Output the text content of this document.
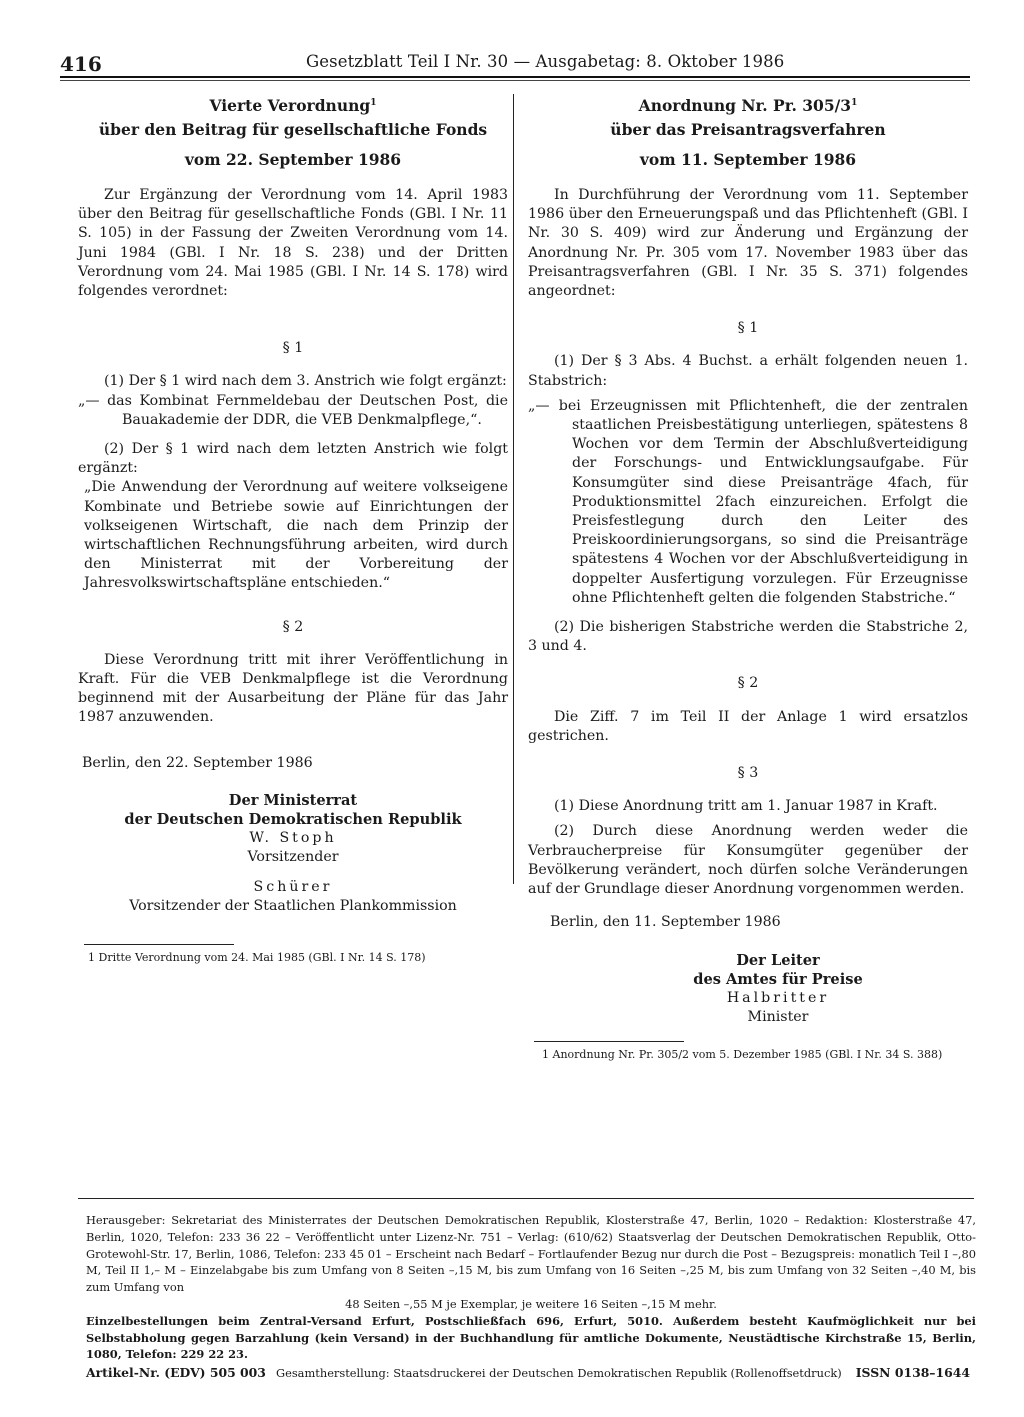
416	Gesetzblatt Teil I Nr. 30 — Ausgabetag: 8. Oktober 1986
Vierte Verordnung$^1$
über den Beitrag für gesellschaftliche Fonds
vom 22. September 1986

Zur Ergänzung der Verordnung vom 14. April 1983 über den Beitrag für gesellschaftliche Fonds (GBl. I Nr. 11 S. 105) in der Fassung der Zweiten Verordnung vom 14. Juni 1984 (GBl. I Nr. 18 S. 238) und der Dritten Verordnung vom 24. Mai 1985 (GBl. I Nr. 14 S. 178) wird folgendes verordnet:

§ 1

(1) Der § 1 wird nach dem 3. Anstrich wie folgt ergänzt:

„— das Kombinat Fernmeldebau der Deutschen Post, die Bauakademie der DDR, die VEB Denkmalpflege,“.

(2) Der § 1 wird nach dem letzten Anstrich wie folgt ergänzt:

„Die Anwendung der Verordnung auf weitere volkseigene Kombinate und Betriebe sowie auf Einrichtungen der volkseigenen Wirtschaft, die nach dem Prinzip der wirtschaftlichen Rechnungsführung arbeiten, wird durch den Ministerrat mit der Vorbereitung der Jahresvolkswirtschaftspläne entschieden.“

§ 2

Diese Verordnung tritt mit ihrer Veröffentlichung in Kraft. Für die VEB Denkmalpflege ist die Verordnung beginnend mit der Ausarbeitung der Pläne für das Jahr 1987 anzuwenden.

Berlin, den 22. September 1986

Der Ministerrat
der Deutschen Demokratischen Republik
W. Stoph
Vorsitzender
Schürer
Vorsitzender der Staatlichen Plankommission
1 Dritte Verordnung vom 24. Mai 1985 (GBl. I Nr. 14 S. 178)
Anordnung Nr. Pr. $305/3^1$
über das Preisantragsverfahren
vom 11. September 1986

In Durchführung der Verordnung vom 11. September 1986 über den Erneuerungspaß und das Pflichtenheft (GBl. I Nr. 30 S. 409) wird zur Änderung und Ergänzung der Anordnung Nr. Pr. 305 vom 17. November 1983 über das Preisantragsverfahren (GBl. I Nr. 35 S. 371) folgendes angeordnet:

§ 1

(1) Der § 3 Abs. 4 Buchst. a erhält folgenden neuen 1. Stabstrich:

„— bei Erzeugnissen mit Pflichtenheft, die der zentralen staatlichen Preisbestätigung unterliegen, spätestens 8 Wochen vor dem Termin der Abschlußverteidigung der Forschungs- und Entwicklungsaufgabe. Für Konsumgüter sind diese Preisanträge 4fach, für Produktionsmittel 2fach einzureichen. Erfolgt die Preisfestlegung durch den Leiter des Preiskoordinierungsorgans, so sind die Preisanträge spätestens 4 Wochen vor der Abschlußverteidigung in doppelter Ausfertigung vorzulegen. Für Erzeugnisse ohne Pflichtenheft gelten die folgenden Stabstriche.“

(2) Die bisherigen Stabstriche werden die Stabstriche 2, 3 und 4.

§ 2

Die Ziff. 7 im Teil II der Anlage 1 wird ersatzlos gestrichen.

§ 3

(1) Diese Anordnung tritt am 1. Januar 1987 in Kraft.

(2) Durch diese Anordnung werden weder die Verbraucherpreise für Konsumgüter gegenüber der Bevölkerung verändert, noch dürfen solche Veränderungen auf der Grundlage dieser Anordnung vorgenommen werden.

Berlin, den 11. September 1986

Der Leiter
des Amtes für Preise
Halbritter
Minister
1 Anordnung Nr. Pr. 305/2 vom 5. Dezember 1985 (GBl. I Nr. 34 S. 388)
Herausgeber: Sekretariat des Ministerrates der Deutschen Demokratischen Republik, Klosterstraße 47, Berlin, 1020 – Redaktion: Klosterstraße 47, Berlin, 1020, Telefon: 233 36 22 – Veröffentlicht unter Lizenz-Nr. 751 – Verlag: (610/62) Staatsverlag der Deutschen Demokratischen Republik, Otto-Grotewohl-Str. 17, Berlin, 1086, Telefon: 233 45 01 – Erscheint nach Bedarf – Fortlaufender Bezug nur durch die Post – Bezugspreis: monatlich Teil I –,80 M, Teil II 1,– M – Einzelabgabe bis zum Umfang von 8 Seiten –,15 M, bis zum Umfang von 16 Seiten –,25 M, bis zum Umfang von 32 Seiten –,40 M, bis zum Umfang von
48 Seiten –,55 M je Exemplar, je weitere 16 Seiten –,15 M mehr.
Einzelbestellungen beim Zentral-Versand Erfurt, Postschließfach 696, Erfurt, 5010. Außerdem besteht Kaufmöglichkeit nur bei Selbstabholung gegen Barzahlung (kein Versand) in der Buchhandlung für amtliche Dokumente, Neustädtische Kirchstraße 15, Berlin, 1080, Telefon: 229 22 23.
Artikel-Nr. (EDV) 505 003 Gesamtherstellung: Staatsdruckerei der Deutschen Demokratischen Republik (Rollenoffsetdruck) ISSN 0138–1644
